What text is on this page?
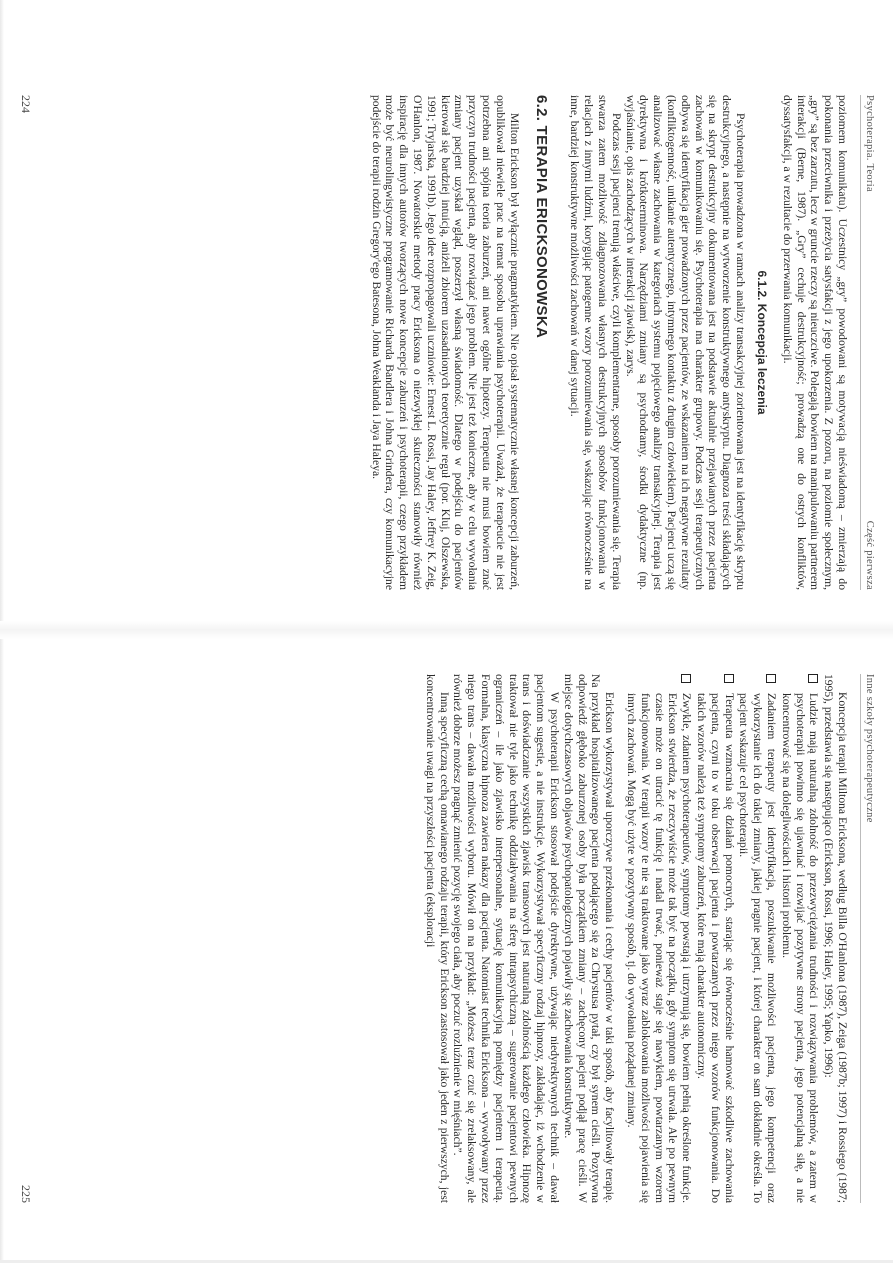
Psychoterapia. Teoria
Część pierwsza

poziomem komunikatu). Uczestnicy „gry” powodowani są motywacją nieświadomą – zmierzają do pokonania przeciwnika i przeżycia satysfakcji z jego upokorzenia. Z pozoru, na poziomie społecznym, „gry” są bez zarzutu, lecz w gruncie rzeczy są nieuczciwe. Polegają bowiem na manipulowaniu partnerem interakcji (Berne, 1987). „Gry” cechuje destrukcyjność; prowadzą one do ostrych konfliktów, dyssatysfakcji, a w rezultacie do przerwania komunikacji.

6.1.2. Koncepcja leczenia

Psychoterapia prowadzona w ramach analizy transakcyjnej zorientowana jest na identyfikację skryptu destrukcyjnego, a następnie na wytworzenie konstruktywnego antyskryptu. Diagnoza treści składających się na skrypt destrukcyjny dokumentowana jest na podstawie aktualnie przejawianych przez pacjenta zachowań w komunikowaniu się. Psychoterapia ma charakter grupowy. Podczas sesji terapeutycznych odbywa się identyfikacja gier prowadzonych przez pacjentów, ze wskazaniem na ich negatywne rezultaty (konfliktogenność, unikanie autentycznego, intymnego kontaktu z drugim człowiekiem). Pacjenci uczą się analizować własne zachowania w kategoriach systemu pojęciowego analizy transakcyjnej. Terapia jest dyrektywna i krótkoterminowa. Narzędziami zmiany są psychodramy, środki dydaktyczne (np. wyjaśnianie, opis zachodzących w interakcji zjawisk), zarys.

Podczas sesji pacjenci trenują właściwe, czyli komplementarne, sposoby porozumiewania się. Terapia stwarza zatem możliwość zdiagnozowania własnych destrukcyjnych sposobów funkcjonowania w relacjach z innymi ludźmi, korygując patogenne wzory porozumiewania się, wskazując równocześnie na inne, bardziej konstruktywne możliwości zachowań w danej sytuacji.

6.2. TERAPIA ERICKSONOWSKA

Milton Erickson był wyłącznie pragmatykiem. Nie opisał systematycznie własnej koncepcji zaburzeń, opublikował niewiele prac na temat sposobu uprawiania psychoterapii. Uważał, że terapeucie nie jest potrzebna ani spójna teoria zaburzeń, ani nawet ogólne hipotezy. Terapeuta nie musi bowiem znać przyczyn trudności pacjenta, aby rozwiązać jego problem. Nie jest też konieczne, aby w celu wywołania zmiany pacjent uzyskał wgląd, poszerzył własną świadomość. Dlatego w podejściu do pacjentów kierował się bardziej intuicją, aniżeli zbiorem uzasadnionych teoretycznie reguł (por. Kluj, Olszewska, 1991; Tryjarska, 1991b). Jego idee rozpropagowali uczniowie: Ernest L. Rossi, Jay Haley, Jeffrey K. Zeig, O'Hanlon, 1987. Nowatorskie metody pracy Ericksona o niezwykłej skuteczności stanowiły również inspirację dla innych autorów tworzących nowe koncepcje zaburzeń i psychoterapii, czego przykładem może być neurolingwistyczne programowanie Richarda Bandlera i Johna Grindera, czy komunikacyjne podejście do terapii rodzin Gregory'ego Batesona, Johna Weaklanda i Jaya Haleya.

224
Inne szkoły psychoterapeutyczne

Koncepcja terapii Miltona Ericksona, według Billa O'Hanlona (1987), Zeiga (1987b; 1997) i Rossiego (1987; 1995), przedstawia się następująco (Erickson, Rossi, 1996; Haley, 1995; Yapko, 1996):

Ludzie mają naturalną zdolność do przezwyciężania trudności i rozwiązywania problemów, a zatem w psychoterapii powinno się ujawniać i rozwijać pozytywne strony pacjenta, jego potencjalną siłę, a nie koncentrować się na dolegliwościach i historii problemu.

Zadaniem terapeuty jest identyfikacja, poszukiwanie możliwości pacjenta, jego kompetencji oraz wykorzystanie ich do takiej zmiany, jakiej pragnie pacjent, i której charakter on sam dokładnie określa. To pacjent wskazuje cel psychoterapii.

Terapeuta wzmacnia się działań pomocnych, starając się równocześnie hamować szkodliwe zachowania pacjenta, czyni to w toku obserwacji pacjenta i powtarzanych przez niego wzorów funkcjonowania. Do takich wzorów należą też symptomy zaburzeń, które mają charakter autonomiczny.

Zwykle, zdaniem psychoterapeutów, symptomy powstają i utrzymują się, bowiem pełnią określone funkcje. Erickson stwierdza, że rzeczywiście może tak być na początku, gdy symptom się utrwala. Ale po pewnym czasie może on utracić tę funkcję i nadal trwać, ponieważ staje się nawykiem, powtarzanym wzorem funkcjonowania. W terapii wzory te nie są traktowane jako wyraz zablokowania możliwości pojawienia się innych zachowań. Mogą być użyte w pozytywny sposób, tj. do wywołania pożądanej zmiany.

Erickson wykorzystywał uporczywe przekonania i cechy pacjentów w taki sposób, aby facylitowały terapię. Na przykład hospitalizowanego pacjenta podającego się za Chrystusa pytał, czy był synem cieśli. Pozytywna odpowiedź głęboko zaburzonej osoby była początkiem zmiany – zachęcony pacjent podjął pracę cieśli. W miejsce dotychczasowych objawów psychopatologicznych pojawiły się zachowania konstruktywne.

W psychoterapii Erickson stosował podejście dyrektywne, używając niedyrektywnych technik – dawał pacjentom sugestie, a nie instrukcje. Wykorzystywał specyficzny rodzaj hipnozy, zakładając, iż wchodzenie w trans i doświadczanie wszystkich zjawisk transowych jest naturalną zdolnością każdego człowieka. Hipnozę traktował nie tyle jako technikę oddziaływania na sferę intrapsychiczną – sugerowanie pacjentowi pewnych ograniczeń – ile jako zjawisko interpersonalne, sytuację komunikacyjną pomiędzy pacjentem i terapeutą. Formalna, klasyczna hipnoza zawiera nakazy dla pacjenta. Natomiast technika Ericksona – wywoływany przez niego trans – dawała możliwości wyboru. Mówił on na przykład: „Możesz teraz czuć się zrelaksowany, ale również dobrze możesz pragnąć zmienić pozycję swojego ciała, aby poczuć rozluźnienie w mięśniach”.

Inną specyficzną cechą omawianego rodzaju terapii, który Erickson zastosował jako jeden z pierwszych, jest koncentrowanie uwagi na przyszłości pacjenta (eksploracji

225
